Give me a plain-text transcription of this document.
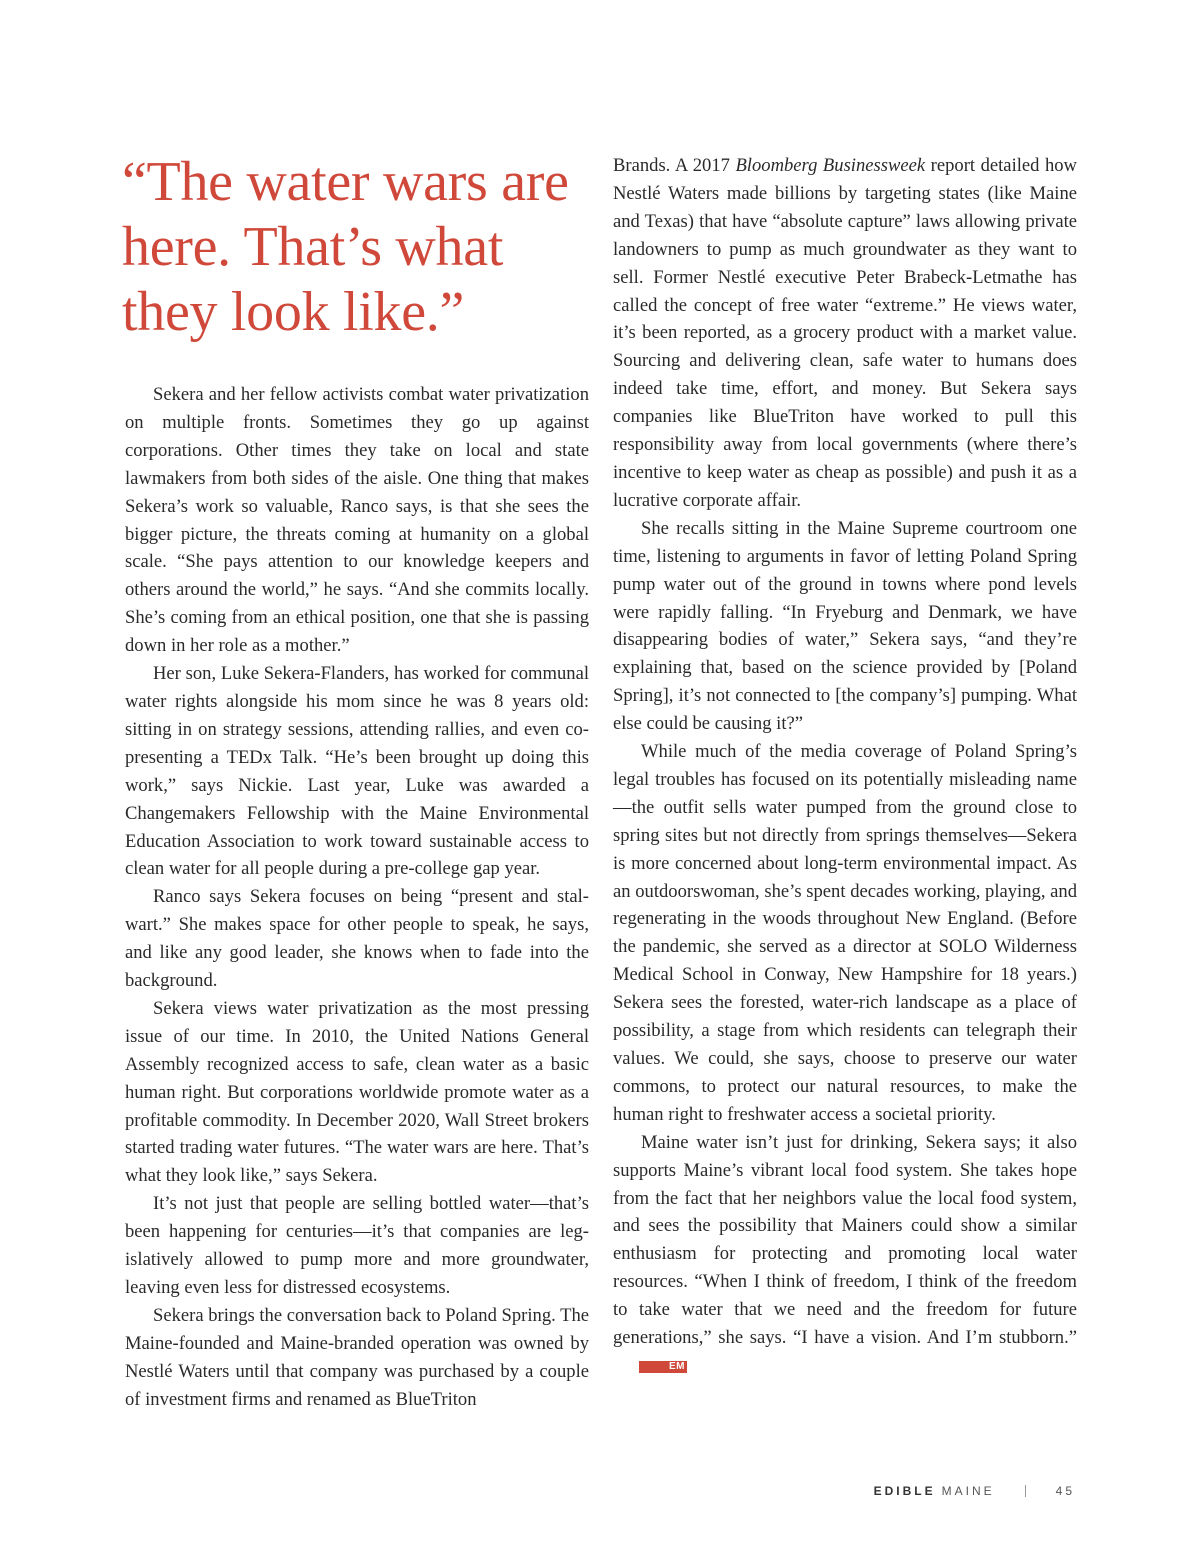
“The water wars are here. That’s what they look like.”

Sekera and her fellow activists combat water privatization on multiple fronts. Sometimes they go up against corporations. Other times they take on local and state lawmakers from both sides of the aisle. One thing that makes Sekera’s work so valuable, Ranco says, is that she sees the bigger picture, the threats coming at humanity on a global scale. “She pays attention to our knowledge keepers and others around the world,” he says. “And she commits locally. She’s coming from an ethical position, one that she is passing down in her role as a mother.”

Her son, Luke Sekera-Flanders, has worked for communal water rights alongside his mom since he was 8 years old: sitting in on strategy sessions, attending rallies, and even co-presenting a TEDx Talk. “He’s been brought up doing this work,” says Nickie. Last year, Luke was awarded a Changemakers Fellowship with the Maine Environmental Education Association to work toward sustainable access to clean water for all people during a pre-college gap year.

Ranco says Sekera focuses on being “present and stalwart.” She makes space for other people to speak, he says, and like any good leader, she knows when to fade into the background.

Sekera views water privatization as the most pressing issue of our time. In 2010, the United Nations General Assembly recognized access to safe, clean water as a basic human right. But corporations worldwide promote water as a profitable commodity. In December 2020, Wall Street brokers started trading water futures. “The water wars are here. That’s what they look like,” says Sekera.

It’s not just that people are selling bottled water—that’s been happening for centuries—it’s that companies are legislatively allowed to pump more and more groundwater, leaving even less for distressed ecosystems.

Sekera brings the conversation back to Poland Spring. The Maine-founded and Maine-branded operation was owned by Nestlé Waters until that company was purchased by a couple of investment firms and renamed as BlueTriton

Brands. A 2017 Bloomberg Businessweek report detailed how Nestlé Waters made billions by targeting states (like Maine and Texas) that have “absolute capture” laws allowing private landowners to pump as much groundwater as they want to sell. Former Nestlé executive Peter Brabeck-Letmathe has called the concept of free water “extreme.” He views water, it’s been reported, as a grocery product with a market value. Sourcing and delivering clean, safe water to humans does indeed take time, effort, and money. But Sekera says companies like BlueTriton have worked to pull this responsibility away from local governments (where there’s incentive to keep water as cheap as possible) and push it as a lucrative corporate affair.

She recalls sitting in the Maine Supreme courtroom one time, listening to arguments in favor of letting Poland Spring pump water out of the ground in towns where pond levels were rapidly falling. “In Fryeburg and Denmark, we have disappearing bodies of water,” Sekera says, “and they’re explaining that, based on the science provided by [Poland Spring], it’s not connected to [the company’s] pumping. What else could be causing it?”

While much of the media coverage of Poland Spring’s legal troubles has focused on its potentially misleading name—the outfit sells water pumped from the ground close to spring sites but not directly from springs themselves—Sekera is more concerned about long-term environmental impact. As an outdoorswoman, she’s spent decades working, playing, and regenerating in the woods throughout New England. (Before the pandemic, she served as a director at SOLO Wilderness Medical School in Conway, New Hampshire for 18 years.) Sekera sees the forested, water-rich landscape as a place of possibility, a stage from which residents can telegraph their values. We could, she says, choose to preserve our water commons, to protect our natural resources, to make the human right to freshwater access a societal priority.

Maine water isn’t just for drinking, Sekera says; it also supports Maine’s vibrant local food system. She takes hope from the fact that her neighbors value the local food system, and sees the possibility that Mainers could show a similar enthusiasm for protecting and promoting local water resources. “When I think of freedom, I think of the freedom to take water that we need and the freedom for future generations,” she says. “I have a vision. And I’m stubborn.”EM

EDIBLE MAINE	45
